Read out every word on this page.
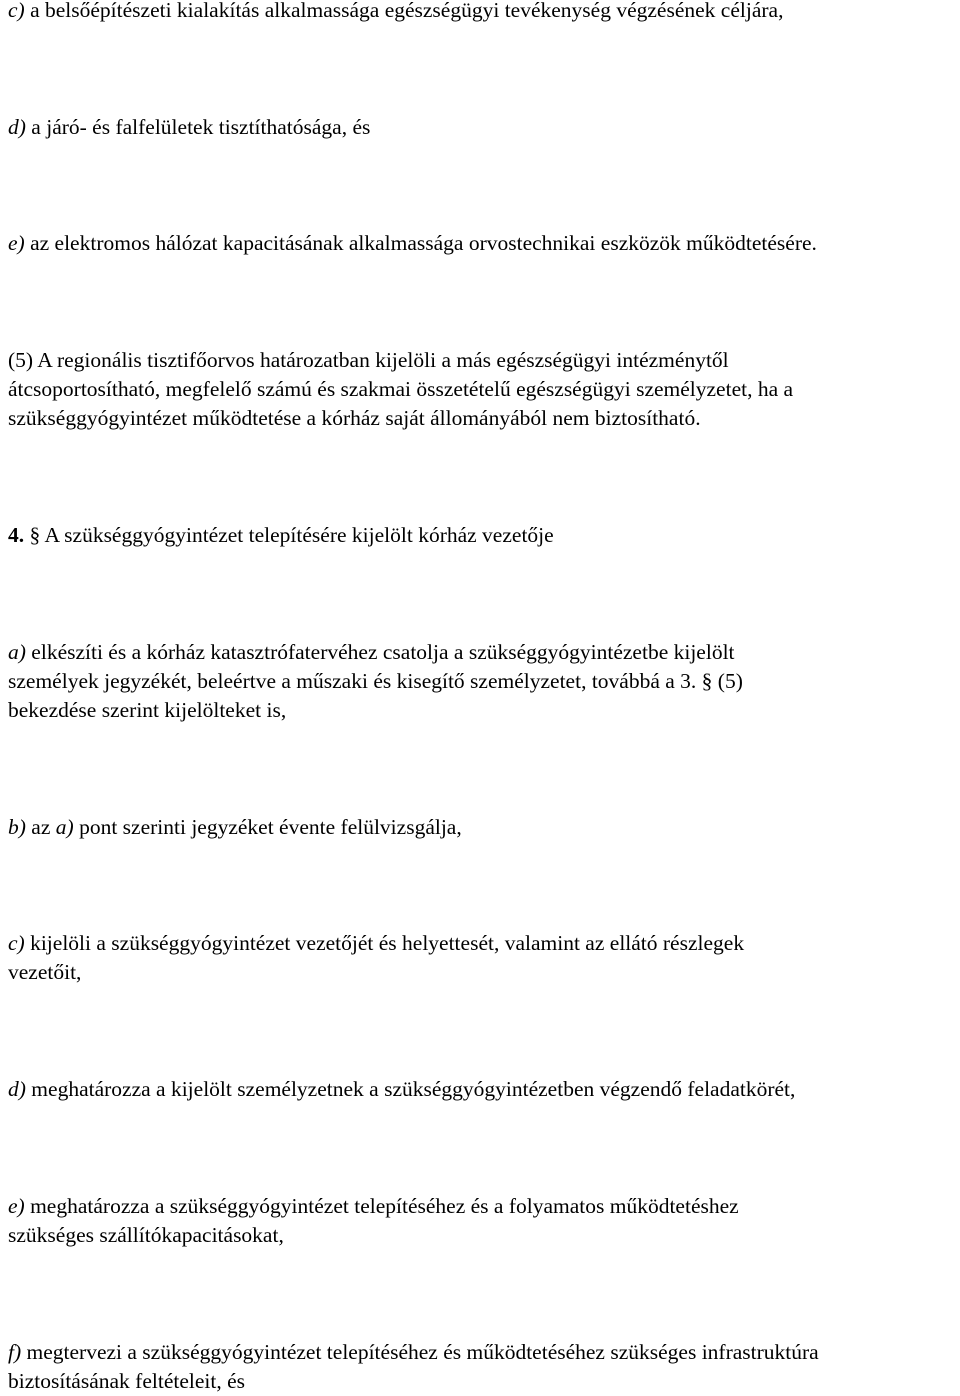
c) a belsőépítészeti kialakítás alkalmassága egészségügyi tevékenység végzésének céljára,

d) a járó- és falfelületek tisztíthatósága, és

e) az elektromos hálózat kapacitásának alkalmassága orvostechnikai eszközök működtetésére.

(5) A regionális tisztifőorvos határozatban kijelöli a más egészségügyi intézménytől
átcsoportosítható, megfelelő számú és szakmai összetételű egészségügyi személyzetet, ha a
szükséggyógyintézet működtetése a kórház saját állományából nem biztosítható.

4. § A szükséggyógyintézet telepítésére kijelölt kórház vezetője

a) elkészíti és a kórház katasztrófatervéhez csatolja a szükséggyógyintézetbe kijelölt
személyek jegyzékét, beleértve a műszaki és kisegítő személyzetet, továbbá a 3. § (5)
bekezdése szerint kijelölteket is,

b) az a) pont szerinti jegyzéket évente felülvizsgálja,

c) kijelöli a szükséggyógyintézet vezetőjét és helyettesét, valamint az ellátó részlegek
vezetőit,

d) meghatározza a kijelölt személyzetnek a szükséggyógyintézetben végzendő feladatkörét,

e) meghatározza a szükséggyógyintézet telepítéséhez és a folyamatos működtetéshez
szükséges szállítókapacitásokat,

f) megtervezi a szükséggyógyintézet telepítéséhez és működtetéséhez szükséges infrastruktúra
biztosításának feltételeit, és
